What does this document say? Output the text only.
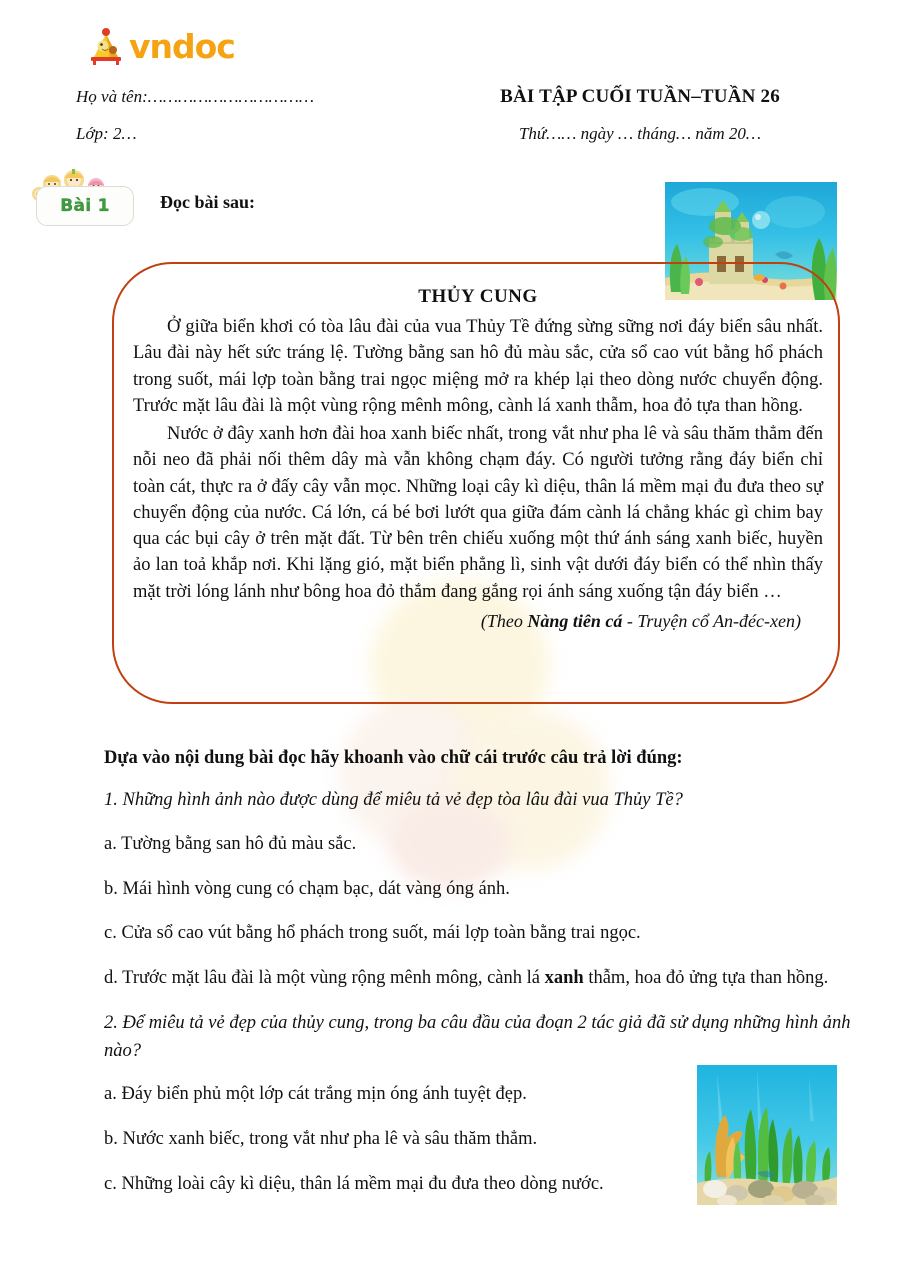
vndoc
Họ và tên:……………………………	BÀI TẬP CUỐI TUẦN–TUẦN 26
Lớp: 2…	Thứ…… ngày … tháng… năm 20…
Bài 1	Đọc bài sau:
THỦY CUNG

Ở giữa biển khơi có tòa lâu đài của vua Thủy Tề đứng sừng sững nơi đáy biển sâu nhất. Lâu đài này hết sức tráng lệ. Tường bằng san hô đủ màu sắc, cửa sổ cao vút bằng hổ phách trong suốt, mái lợp toàn bằng trai ngọc miệng mở ra khép lại theo dòng nước chuyển động. Trước mặt lâu đài là một vùng rộng mênh mông, cành lá xanh thẫm, hoa đỏ tựa than hồng.

Nước ở đây xanh hơn đài hoa xanh biếc nhất, trong vắt như pha lê và sâu thăm thẳm đến nỗi neo đã phải nối thêm dây mà vẫn không chạm đáy. Có người tưởng rằng đáy biển chỉ toàn cát, thực ra ở đấy cây vẫn mọc. Những loại cây kì diệu, thân lá mềm mại đu đưa theo sự chuyển động của nước. Cá lớn, cá bé bơi lướt qua giữa đám cành lá chẳng khác gì chim bay qua các bụi cây ở trên mặt đất. Từ bên trên chiếu xuống một thứ ánh sáng xanh biếc, huyền ảo lan toả khắp nơi. Khi lặng gió, mặt biển phẳng lì, sinh vật dưới đáy biển có thể nhìn thấy mặt trời lóng lánh như bông hoa đỏ thắm đang gắng rọi ánh sáng xuống tận đáy biển …

(Theo Nàng tiên cá - Truyện cổ An-đéc-xen)
Dựa vào nội dung bài đọc hãy khoanh vào chữ cái trước câu trả lời đúng:
1. Những hình ảnh nào được dùng để miêu tả vẻ đẹp tòa lâu đài vua Thủy Tề?
a. Tường bằng san hô đủ màu sắc.
b. Mái hình vòng cung có chạm bạc, dát vàng óng ánh.
c. Cửa sổ cao vút bằng hổ phách trong suốt, mái lợp toàn bằng trai ngọc.
d. Trước mặt lâu đài là một vùng rộng mênh mông, cành lá xanh thẫm, hoa đỏ ửng tựa than hồng.
2. Để miêu tả vẻ đẹp của thủy cung, trong ba câu đầu của đoạn 2 tác giả đã sử dụng những hình ảnh nào?
a. Đáy biển phủ một lớp cát trắng mịn óng ánh tuyệt đẹp.
b. Nước xanh biếc, trong vắt như pha lê và sâu thăm thẳm.
c. Những loài cây kì diệu, thân lá mềm mại đu đưa theo dòng nước.
